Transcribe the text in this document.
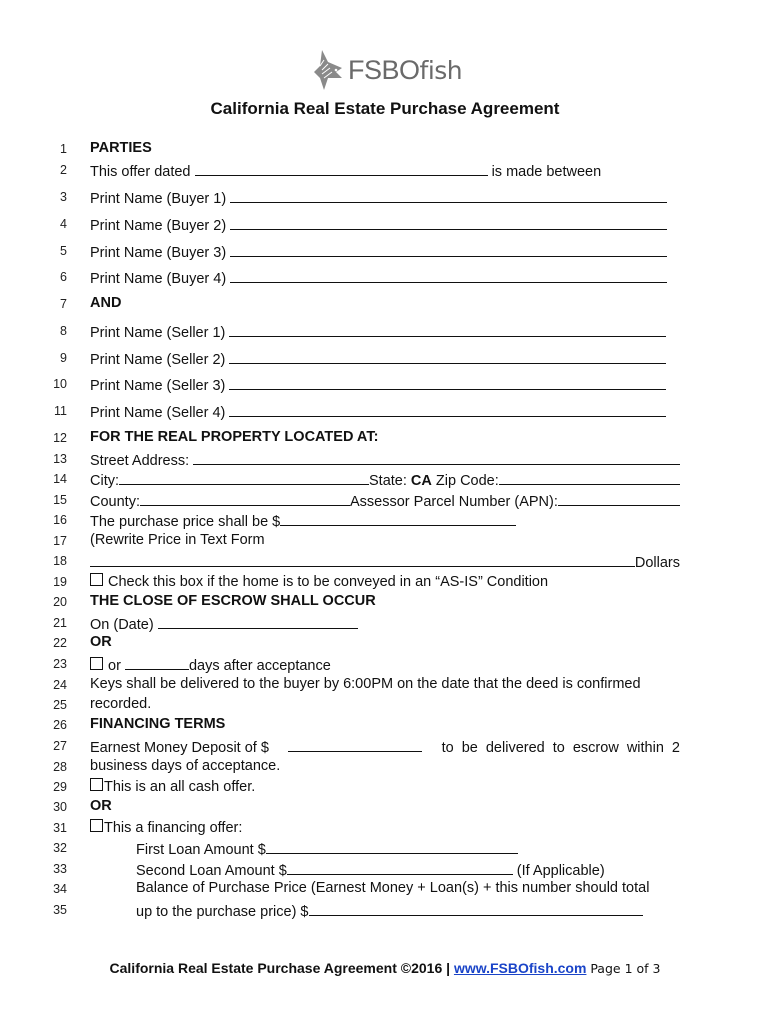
FSBOfish
California Real Estate Purchase Agreement
1 PARTIES
2 This offer dated

	is made between
3 Print Name (Buyer 1)

4 Print Name (Buyer 2)

5 Print Name (Buyer 3)

6 Print Name (Buyer 4)

7 AND
8 Print Name (Seller 1)

9 Print Name (Seller 2)

10 Print Name (Seller 3)

11 Print Name (Seller 4)

12 FOR THE REAL PROPERTY LOCATED AT:
13 Street Address:

14 City:	State: CA Zip Code:
15 County:	Assessor Parcel Number (APN):
16 The purchase price shall be $
17 (Rewrite Price in Text Form
18	Dollars
19	Check this box if the home is to be conveyed in an “AS-IS” Condition
20 THE CLOSE OF ESCROW SHALL OCCUR
21 On (Date)

22 OR
23	or
	days after acceptance
24 Keys shall be delivered to the buyer by 6:00PM on the date that the deed is confirmed
25 recorded.
26 FINANCING TERMS
27 Earnest Money Deposit of $	to be delivered to escrow within 2
28 business days of acceptance.
29	This is an all cash offer.
30 OR
31	This a financing offer:
32	First Loan Amount $
33	Second Loan Amount $
	(If Applicable)
34	Balance of Purchase Price (Earnest Money + Loan(s) + this number should total
35	up to the purchase price) $
California Real Estate Purchase Agreement ©2016 | www.FSBOfish.com Page 1 of 3
